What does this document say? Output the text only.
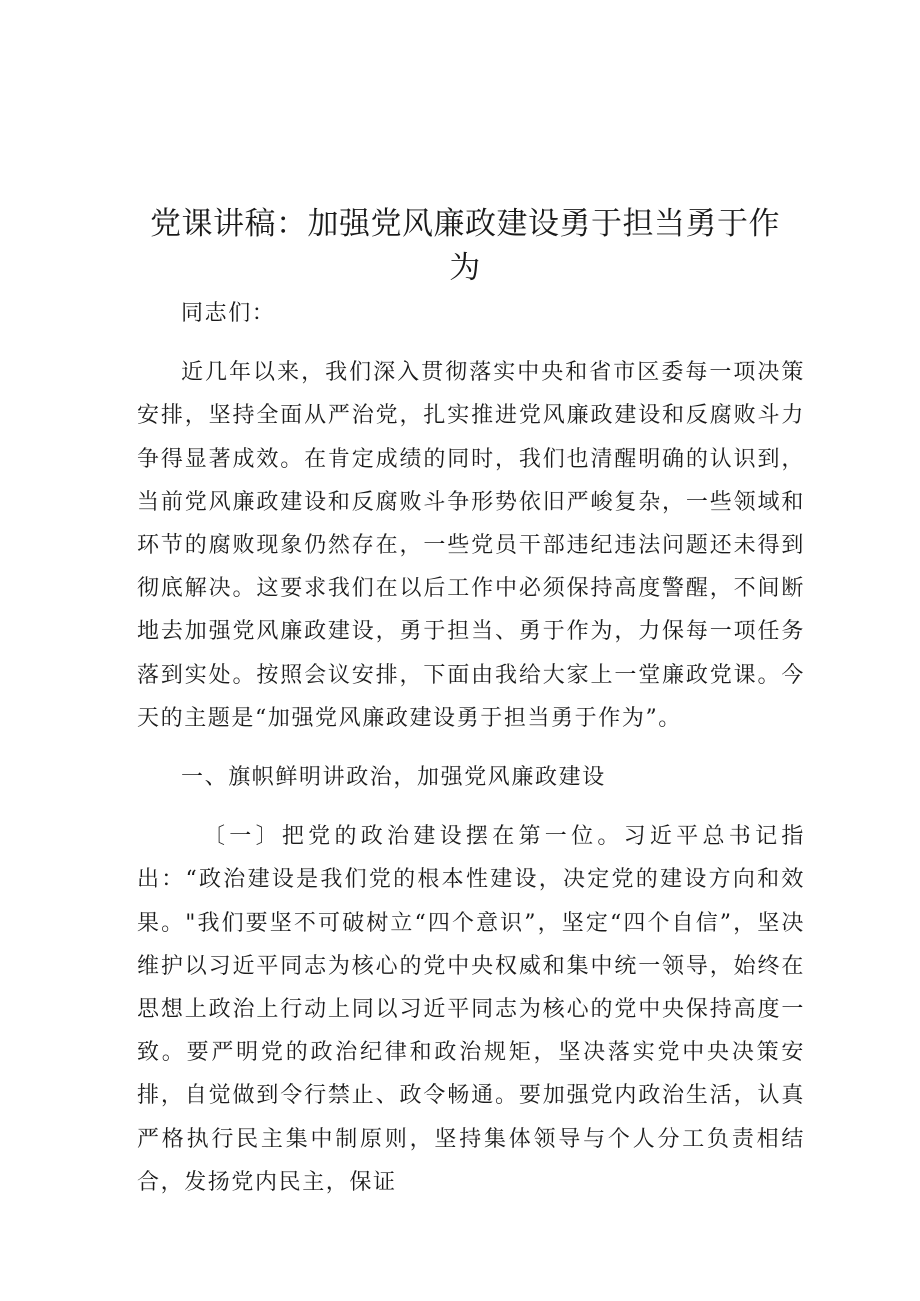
党课讲稿：加强党风廉政建设勇于担当勇于作为

同志们：

近几年以来，我们深入贯彻落实中央和省市区委每一项决策安排，坚持全面从严治党，扎实推进党风廉政建设和反腐败斗力争得显著成效。在肯定成绩的同时，我们也清醒明确的认识到，当前党风廉政建设和反腐败斗争形势依旧严峻复杂，一些领域和环节的腐败现象仍然存在，一些党员干部违纪违法问题还未得到彻底解决。这要求我们在以后工作中必须保持高度警醒，不间断地去加强党风廉政建设，勇于担当、勇于作为，力保每一项任务落到实处。按照会议安排，下面由我给大家上一堂廉政党课。今天的主题是“加强党风廉政建设勇于担当勇于作为”。

一、旗帜鲜明讲政治，加强党风廉政建设

〔一〕把党的政治建设摆在第一位。习近平总书记指出：“政治建设是我们党的根本性建设，决定党的建设方向和效果。"我们要坚不可破树立“四个意识”，坚定“四个自信”，坚决维护以习近平同志为核心的党中央权威和集中统一领导，始终在思想上政治上行动上同以习近平同志为核心的党中央保持高度一致。要严明党的政治纪律和政治规矩，坚决落实党中央决策安排，自觉做到令行禁止、政令畅通。要加强党内政治生活，认真严格执行民主集中制原则，坚持集体领导与个人分工负责相结合，发扬党内民主，保证
